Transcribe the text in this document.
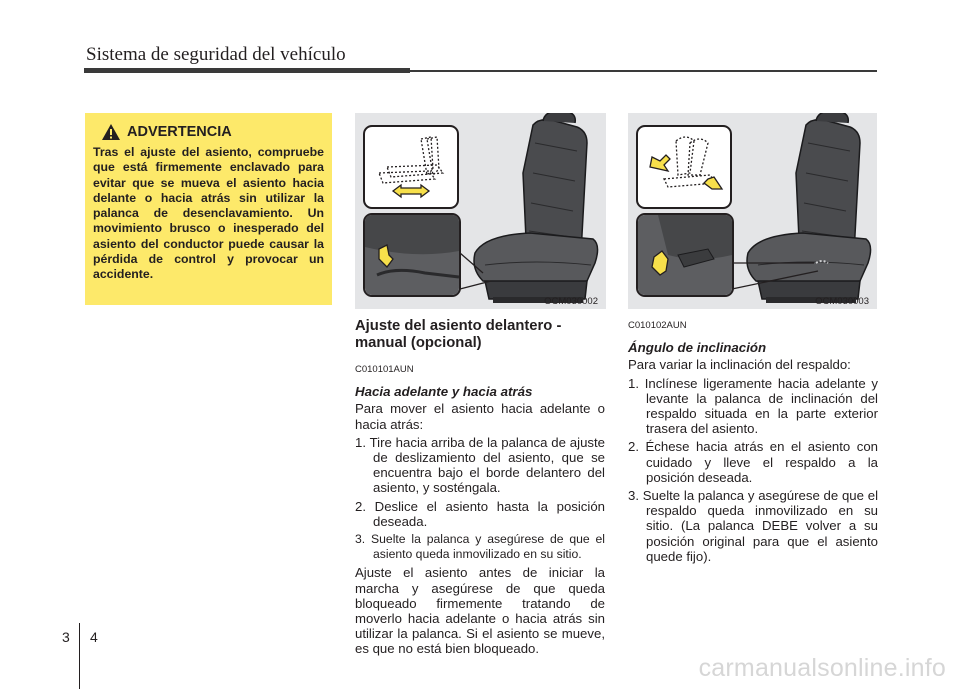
Sistema de seguridad del vehículo
ADVERTENCIA
Tras el ajuste del asiento, compruebe que está firmemente enclavado para evitar que se mueva el asiento hacia delante o hacia atrás sin utilizar la palanca de desenclavamiento. Un movimiento brusco o inesperado del asiento del conductor puede causar la pérdida de control y provocar un accidente.
OCM030002	OCM030003
Ajuste del asiento delantero - manual (opcional)
C010101AUN
Hacia adelante y hacia atrás
Para mover el asiento hacia adelante o hacia atrás:
1. Tire hacia arriba de la palanca de ajuste de deslizamiento del asiento, que se encuentra bajo el borde delantero del asiento, y sosténgala.
2. Deslice el asiento hasta la posición deseada.
3. Suelte la palanca y asegúrese de que el asiento queda inmovilizado en su sitio.
Ajuste el asiento antes de iniciar la marcha y asegúrese de que queda bloqueado firmemente tratando de moverlo hacia adelante o hacia atrás sin utilizar la palanca. Si el asiento se mueve, es que no está bien bloqueado.
C010102AUN
Ángulo de inclinación
Para variar la inclinación del respaldo:
1. Inclínese ligeramente hacia adelante y levante la palanca de inclinación del respaldo situada en la parte exterior trasera del asiento.
2. Échese hacia atrás en el asiento con cuidado y lleve el respaldo a la posición deseada.
3. Suelte la palanca y asegúrese de que el respaldo queda inmovilizado en su sitio. (La palanca DEBE volver a su posición original para que el asiento quede fijo).
3 4
carmanualsonline.info
